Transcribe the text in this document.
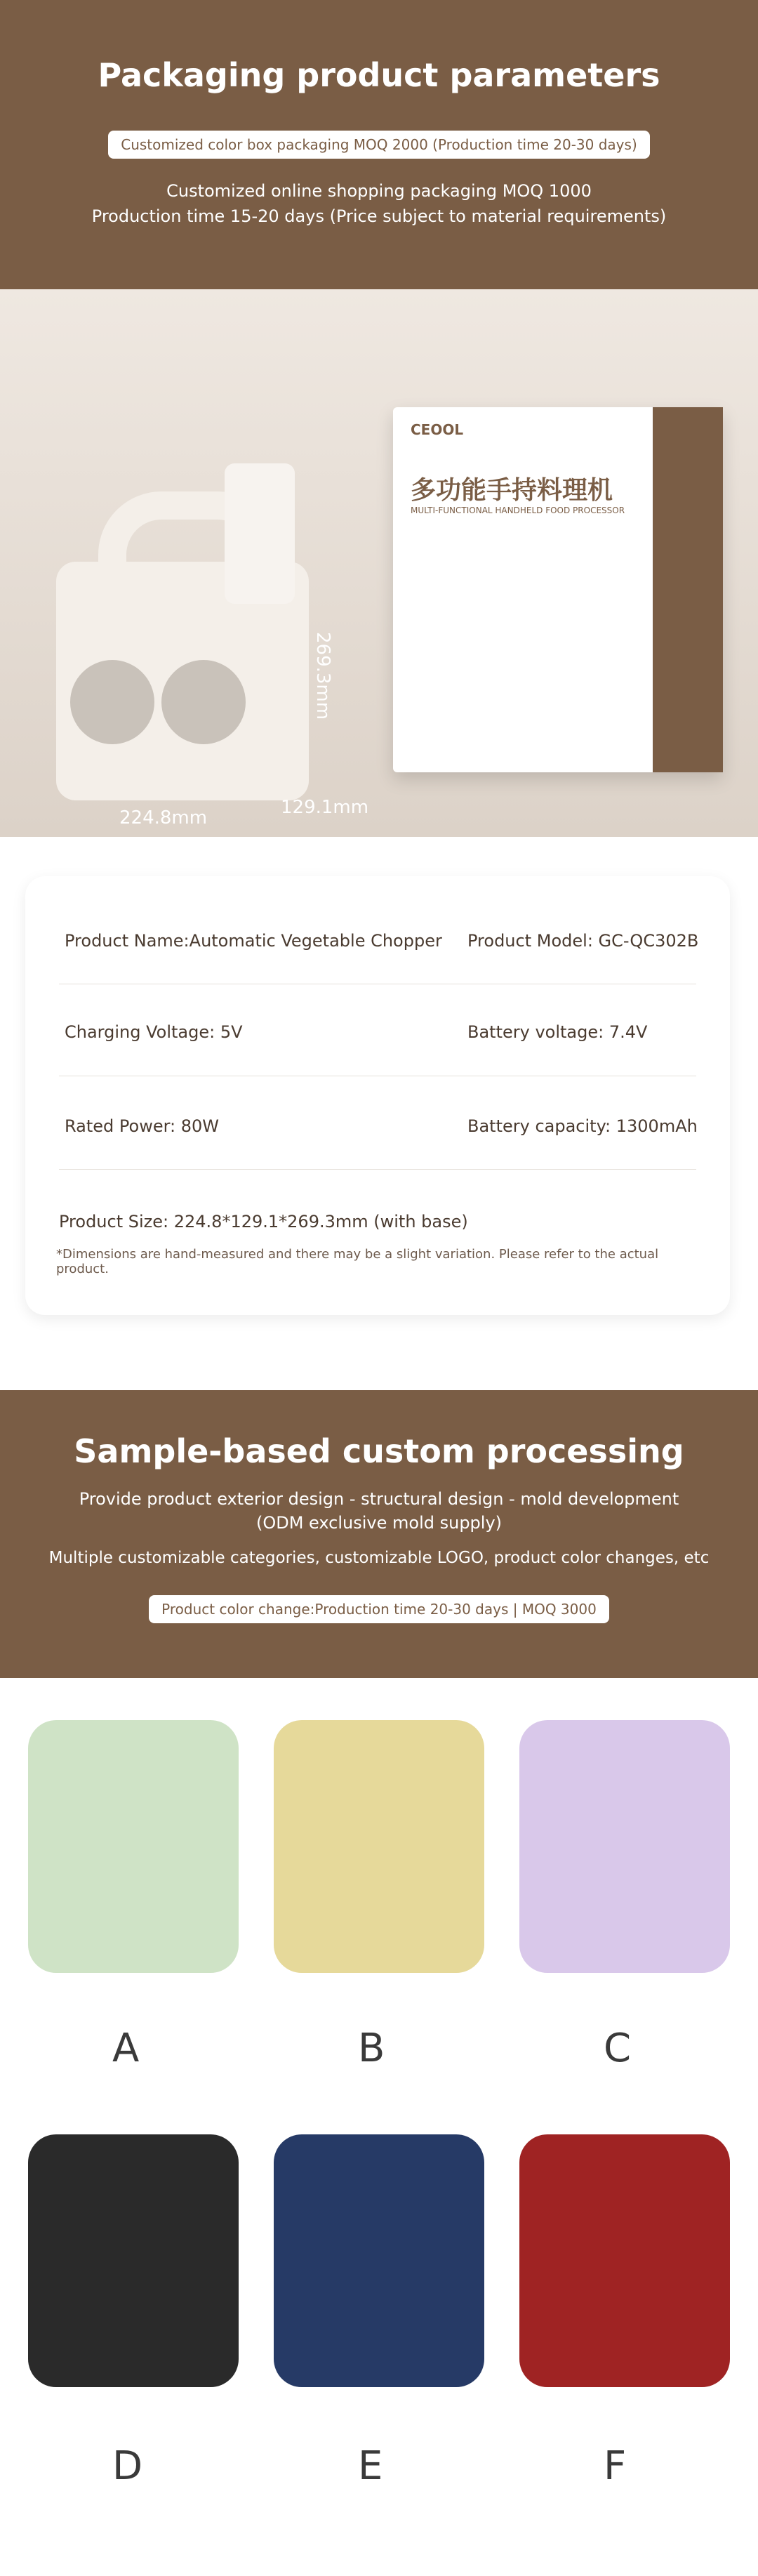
Packaging product parameters
Customized color box packaging MOQ 2000 (Production time 20-30 days)
Customized online shopping packaging MOQ 1000
Production time 15-20 days (Price subject to material requirements)
269.3mm
129.1mm
224.8mm
CEOOL
多功能手持料理机
MULTI-FUNCTIONAL HANDHELD FOOD PROCESSOR
Product Name:Automatic Vegetable Chopper Product Model: GC-QC302B
Charging Voltage: 5V	Battery voltage: 7.4V
Rated Power: 80W	Battery capacity: 1300mAh
Product Size: 224.8*129.1*269.3mm (with base)
*Dimensions are hand-measured and there may be a slight variation. Please refer to the actual product.
Sample-based custom processing
Provide product exterior design - structural design - mold development
(ODM exclusive mold supply)
Multiple customizable categories, customizable LOGO, product color changes, etc
Product color change:Production time 20-30 days | MOQ 3000
A	B	C
D	E	F
